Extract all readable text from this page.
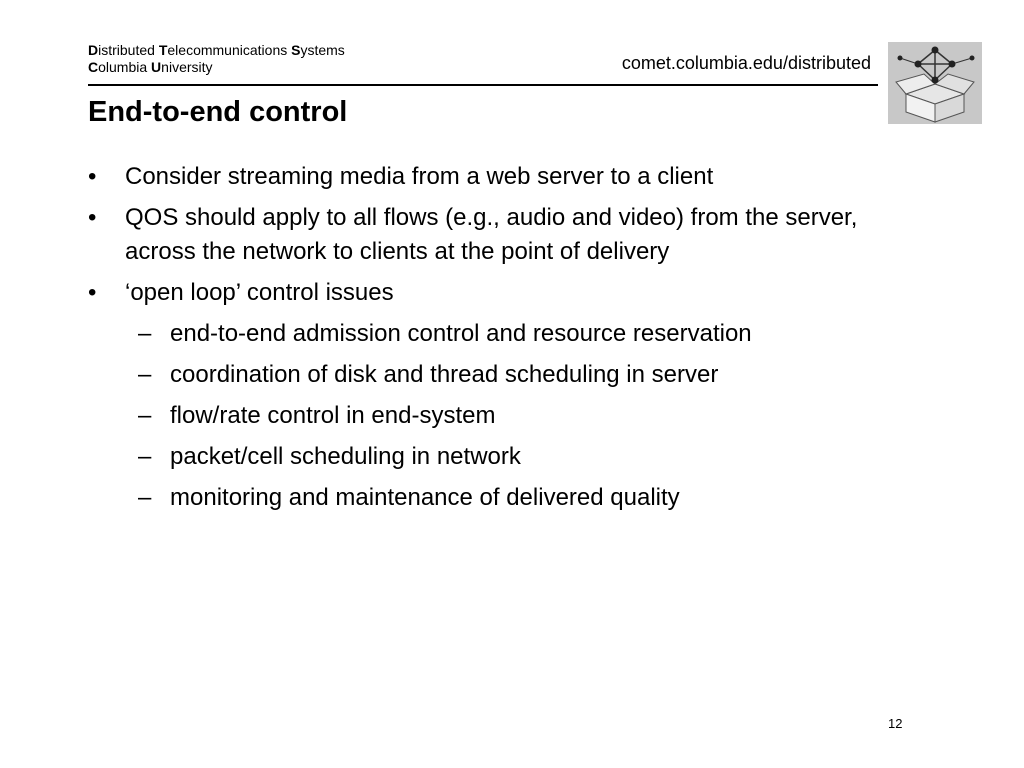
Distributed Telecommunications Systems
Columbia University	comet.columbia.edu/distributed
End-to-end control
• Consider streaming media from a web server to a client
• QOS should apply to all flows (e.g., audio and video) from the server, across the network to clients at the point of delivery
• ‘open loop’ control issues
– end-to-end admission control and resource reservation
– coordination of disk and thread scheduling in server
– flow/rate control in end-system
– packet/cell scheduling in network
– monitoring and maintenance of delivered quality
12
